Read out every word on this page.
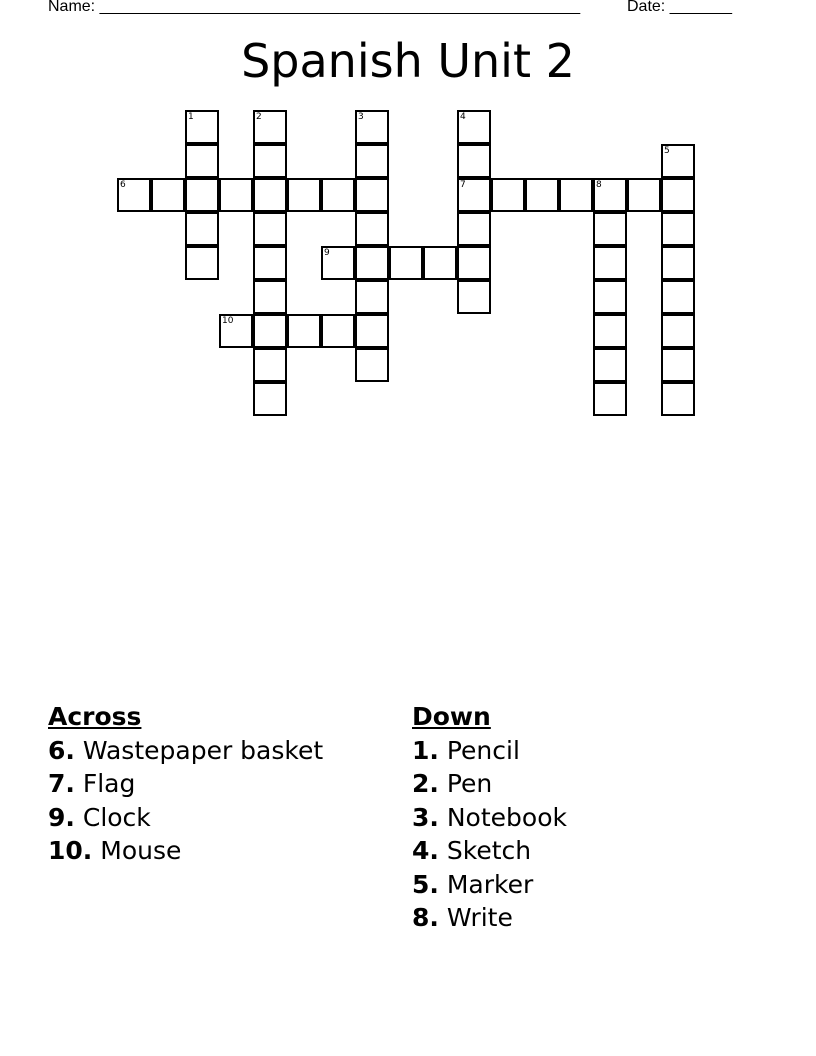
Name: ______________________________________________________	Date: _______
Spanish Unit 2
1	2	3	4
7
5
6	8
9
10
Across
6. Wastepaper basket
7. Flag
9. Clock
10. Mouse
Down
1. Pencil
2. Pen
3. Notebook
4. Sketch
5. Marker
8. Write
